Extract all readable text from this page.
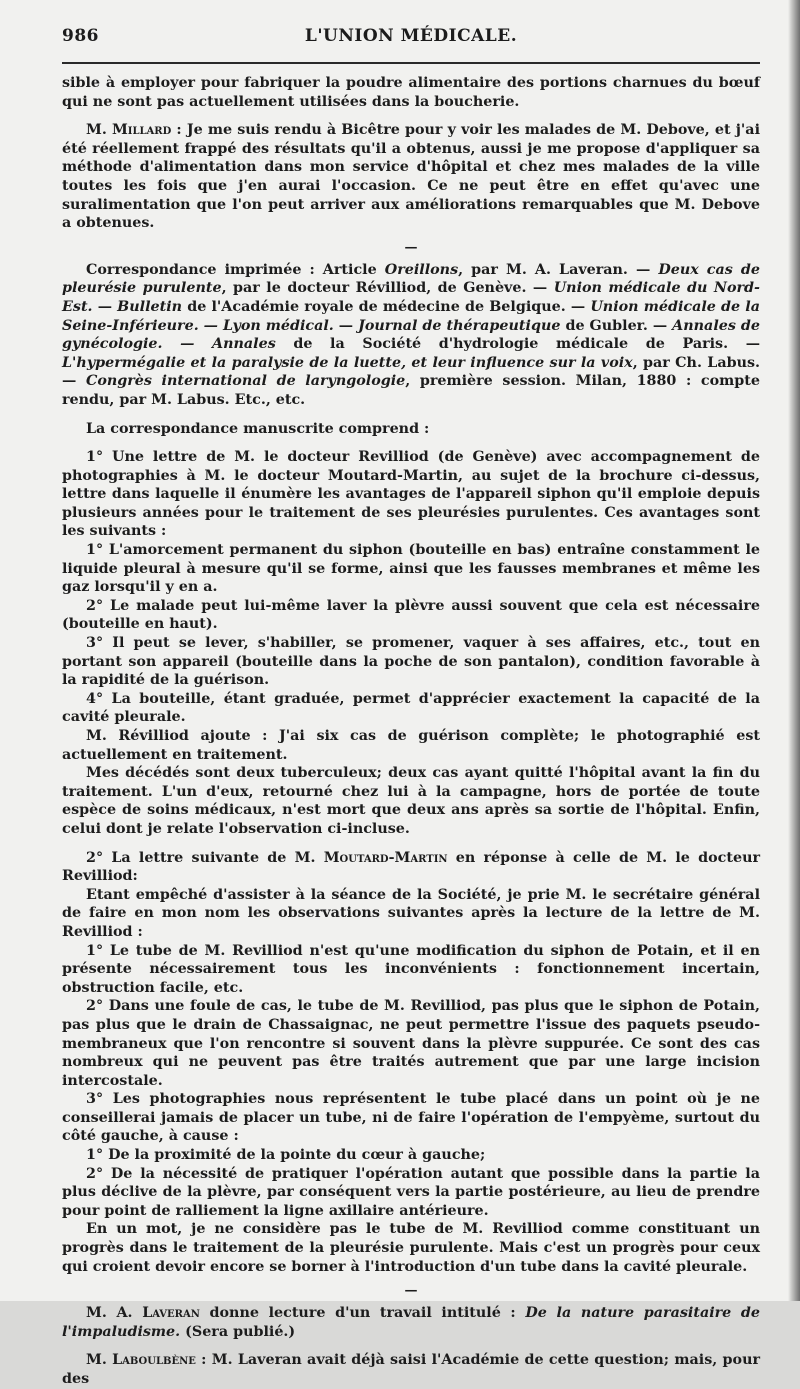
986	L'UNION MÉDICALE.

sible à employer pour fabriquer la poudre alimentaire des portions charnues du bœuf qui ne sont pas actuellement utilisées dans la boucherie.

M. Millard : Je me suis rendu à Bicêtre pour y voir les malades de M. Debove, et j'ai été réellement frappé des résultats qu'il a obtenus, aussi je me propose d'appliquer sa méthode d'alimentation dans mon service d'hôpital et chez mes malades de la ville toutes les fois que j'en aurai l'occasion. Ce ne peut être en effet qu'avec une suralimentation que l'on peut arriver aux améliorations remarquables que M. Debove a obtenues.

—

Correspondance imprimée : Article Oreillons, par M. A. Laveran. — Deux cas de pleurésie purulente, par le docteur Révilliod, de Genève. — Union médicale du Nord-Est. — Bulletin de l'Académie royale de médecine de Belgique. — Union médicale de la Seine-Inférieure. — Lyon médical. — Journal de thérapeutique de Gubler. — Annales de gynécologie. — Annales de la Société d'hydrologie médicale de Paris. — L'hypermégalie et la paralysie de la luette, et leur influence sur la voix, par Ch. Labus. — Congrès international de laryngologie, première session. Milan, 1880 : compte rendu, par M. Labus. Etc., etc.

La correspondance manuscrite comprend :

1° Une lettre de M. le docteur Revilliod (de Genève) avec accompagnement de photographies à M. le docteur Moutard-Martin, au sujet de la brochure ci-dessus, lettre dans laquelle il énumère les avantages de l'appareil siphon qu'il emploie depuis plusieurs années pour le traitement de ses pleurésies purulentes. Ces avantages sont les suivants :

1° L'amorcement permanent du siphon (bouteille en bas) entraîne constamment le liquide pleural à mesure qu'il se forme, ainsi que les fausses membranes et même les gaz lorsqu'il y en a.

2° Le malade peut lui-même laver la plèvre aussi souvent que cela est nécessaire (bouteille en haut).

3° Il peut se lever, s'habiller, se promener, vaquer à ses affaires, etc., tout en portant son appareil (bouteille dans la poche de son pantalon), condition favorable à la rapidité de la guérison.

4° La bouteille, étant graduée, permet d'apprécier exactement la capacité de la cavité pleurale.

M. Révilliod ajoute : J'ai six cas de guérison complète; le photographié est actuellement en traitement.

Mes décédés sont deux tuberculeux; deux cas ayant quitté l'hôpital avant la fin du traitement. L'un d'eux, retourné chez lui à la campagne, hors de portée de toute espèce de soins médicaux, n'est mort que deux ans après sa sortie de l'hôpital. Enfin, celui dont je relate l'observation ci-incluse.

2° La lettre suivante de M. Moutard-Martin en réponse à celle de M. le docteur Revilliod:

Etant empêché d'assister à la séance de la Société, je prie M. le secrétaire général de faire en mon nom les observations suivantes après la lecture de la lettre de M. Revilliod :

1° Le tube de M. Revilliod n'est qu'une modification du siphon de Potain, et il en présente nécessairement tous les inconvénients : fonctionnement incertain, obstruction facile, etc.

2° Dans une foule de cas, le tube de M. Revilliod, pas plus que le siphon de Potain, pas plus que le drain de Chassaignac, ne peut permettre l'issue des paquets pseudo-membraneux que l'on rencontre si souvent dans la plèvre suppurée. Ce sont des cas nombreux qui ne peuvent pas être traités autrement que par une large incision intercostale.

3° Les photographies nous représentent le tube placé dans un point où je ne conseillerai jamais de placer un tube, ni de faire l'opération de l'empyème, surtout du côté gauche, à cause :

1° De la proximité de la pointe du cœur à gauche;

2° De la nécessité de pratiquer l'opération autant que possible dans la partie la plus déclive de la plèvre, par conséquent vers la partie postérieure, au lieu de prendre pour point de ralliement la ligne axillaire antérieure.

En un mot, je ne considère pas le tube de M. Revilliod comme constituant un progrès dans le traitement de la pleurésie purulente. Mais c'est un progrès pour ceux qui croient devoir encore se borner à l'introduction d'un tube dans la cavité pleurale.

—

M. A. Laveran donne lecture d'un travail intitulé : De la nature parasitaire de l'impaludisme. (Sera publié.)

M. Laboulbène : M. Laveran avait déjà saisi l'Académie de cette question; mais, pour des
